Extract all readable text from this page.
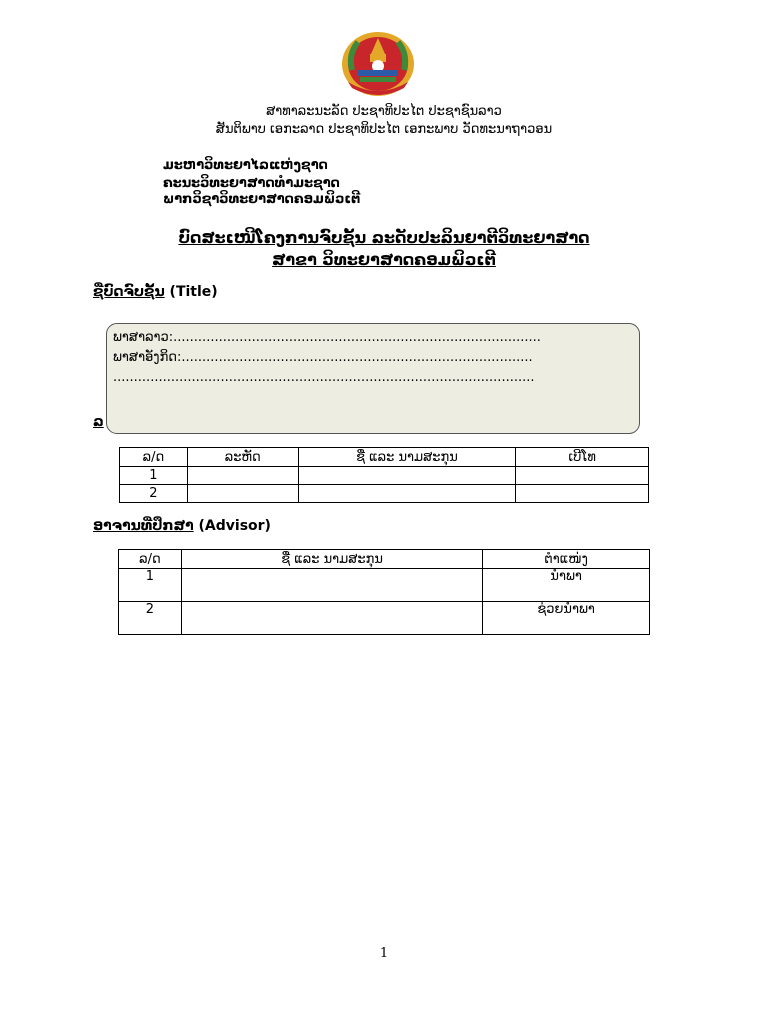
ສາທາລະນະລັດ ປະຊາທິປະໄຕ ປະຊາຊົນລາວ
ສັນຕິພາບ ເອກະລາດ ປະຊາທິປະໄຕ ເອກະພາບ ວັດທະນາຖາວອນ
ມະຫາວິທະຍາໄລແຫ່ງຊາດ
ຄະນະວິທະຍາສາດທຳມະຊາດ
ພາກວິຊາວິທະຍາສາດຄອມພິວເຕີ
ບົດສະເໜີໂຄງການຈົບຊັ້ນ ລະດັບປະລິນຍາຕີວິທະຍາສາດ
ສາຂາ ວິທະຍາສາດຄອມພິວເຕີ
ຊື່ບົດຈົບຊັ້ນ (Title)
ລ
ພາສາລາວ:.........................................................................................
ພາສາອັງກິດ:.....................................................................................
......................................................................................................
ລ/ດ	ລະຫັດ	ຊື່ ແລະ ນາມສະກຸນ	ເບີໂທ
1			
2			
ອາຈານທີ່ປຶກສາ (Advisor)
ລ/ດ	ຊື່ ແລະ ນາມສະກຸນ	ຕຳແໜ່ງ
1		ນຳພາ
2		ຊ່ວຍນຳພາ
1
